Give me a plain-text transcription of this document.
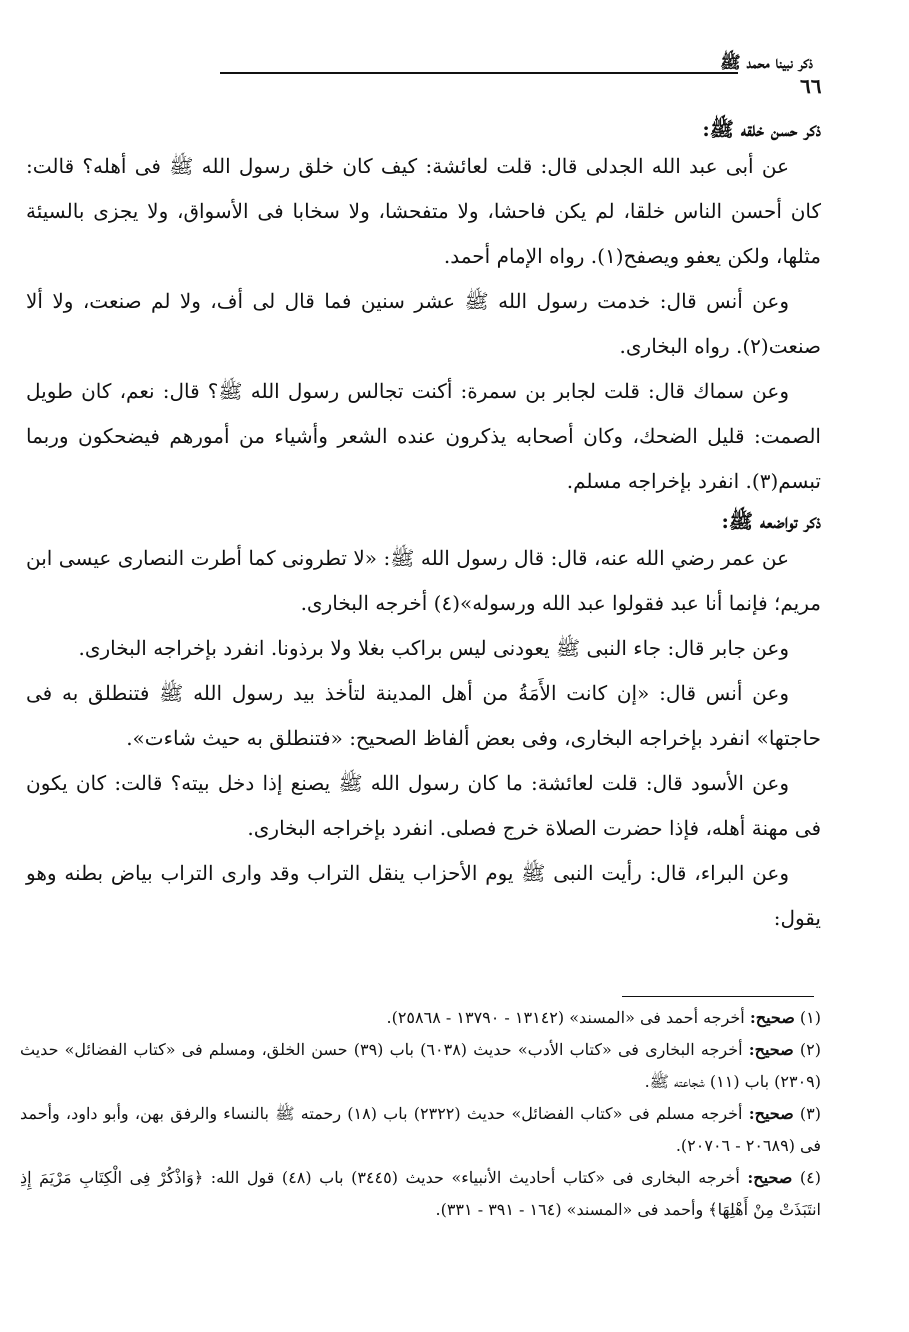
ذكر نبينا محمد ﷺ
٦٦
ذكر حسن خلقه ﷺ:

عن أبى عبد الله الجدلى قال: قلت لعائشة: كيف كان خلق رسول الله ﷺ فى أهله؟ قالت: كان أحسن الناس خلقا، لم يكن فاحشا، ولا متفحشا، ولا سخابا فى الأسواق، ولا يجزى بالسيئة مثلها، ولكن يعفو ويصفح(١). رواه الإمام أحمد.

وعن أنس قال: خدمت رسول الله ﷺ عشر سنين فما قال لى أف، ولا لم صنعت، ولا ألا صنعت(٢). رواه البخارى.

وعن سماك قال: قلت لجابر بن سمرة: أكنت تجالس رسول الله ﷺ؟ قال: نعم، كان طويل الصمت: قليل الضحك، وكان أصحابه يذكرون عنده الشعر وأشياء من أمورهم فيضحكون وربما تبسم(٣). انفرد بإخراجه مسلم.

ذكر تواضعه ﷺ:

عن عمر رضي الله عنه، قال: قال رسول الله ﷺ: «لا تطرونى كما أطرت النصارى عيسى ابن مريم؛ فإنما أنا عبد فقولوا عبد الله ورسوله»(٤) أخرجه البخارى.

وعن جابر قال: جاء النبى ﷺ يعودنى ليس براكب بغلا ولا برذونا. انفرد بإخراجه البخارى.

وعن أنس قال: «إن كانت الأَمَةُ من أهل المدينة لتأخذ بيد رسول الله ﷺ فتنطلق به فى حاجتها» انفرد بإخراجه البخارى، وفى بعض ألفاظ الصحيح: «فتنطلق به حيث شاءت».

وعن الأسود قال: قلت لعائشة: ما كان رسول الله ﷺ يصنع إذا دخل بيته؟ قالت: كان يكون فى مهنة أهله، فإذا حضرت الصلاة خرج فصلى. انفرد بإخراجه البخارى.

وعن البراء، قال: رأيت النبى ﷺ يوم الأحزاب ينقل التراب وقد وارى التراب بياض بطنه وهو يقول:

(١) صحيح: أخرجه أحمد فى «المسند» (١٣١٤٢ - ١٣٧٩٠ - ٢٥٨٦٨).

(٢) صحيح: أخرجه البخارى فى «كتاب الأدب» حديث (٦٠٣٨) باب (٣٩) حسن الخلق، ومسلم فى «كتاب الفضائل» حديث (٢٣٠٩) باب (١١) شجاعته ﷺ.

(٣) صحيح: أخرجه مسلم فى «كتاب الفضائل» حديث (٢٣٢٢) باب (١٨) رحمته ﷺ بالنساء والرفق بهن، وأبو داود، وأحمد فى (٢٠٦٨٩ - ٢٠٧٠٦).

(٤) صحيح: أخرجه البخارى فى «كتاب أحاديث الأنبياء» حديث (٣٤٤٥) باب (٤٨) قول الله: ﴿وَاذْكُرْ فِى الْكِتَابِ مَرْيَمَ إِذِ انتَبَذَتْ مِنْ أَهْلِهَا﴾ وأحمد فى «المسند» (١٦٤ - ٣٩١ - ٣٣١).
